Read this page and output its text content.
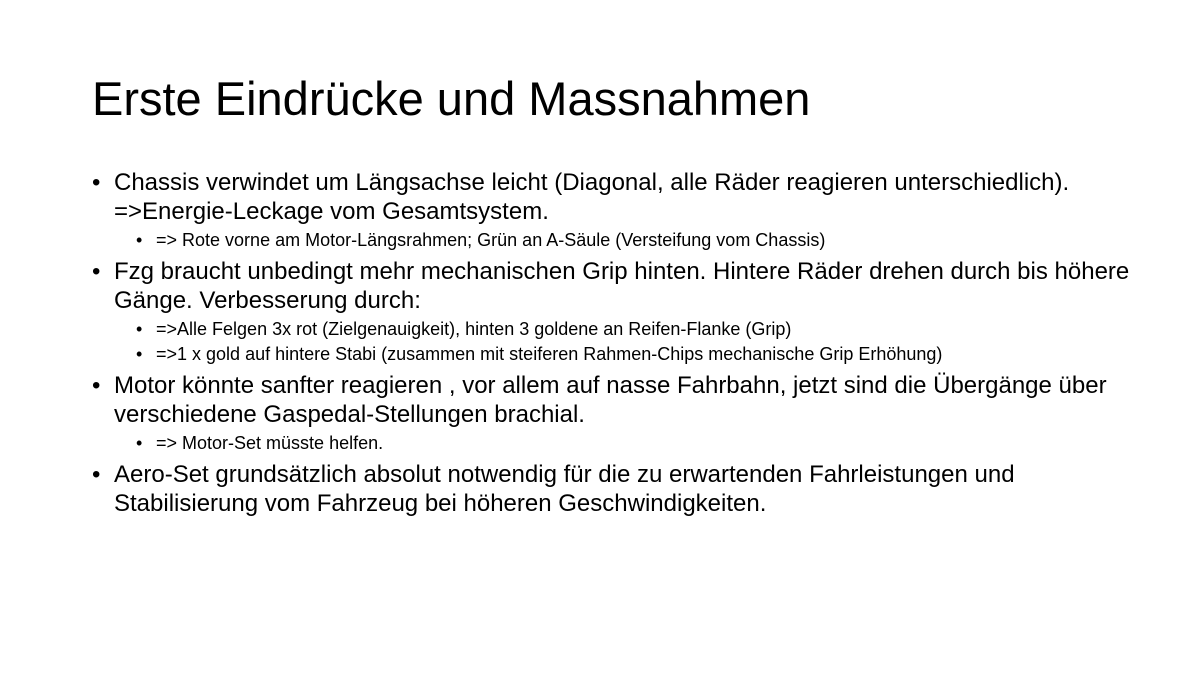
Erste Eindrücke und Massnahmen
• Chassis verwindet um Längsachse leicht (Diagonal, alle Räder reagieren unterschiedlich). =>Energie-Leckage vom Gesamtsystem.
• => Rote vorne am Motor-Längsrahmen; Grün an A-Säule (Versteifung vom Chassis)
• Fzg braucht unbedingt mehr mechanischen Grip hinten. Hintere Räder drehen durch bis höhere Gänge. Verbesserung durch:
• =>Alle Felgen 3x rot (Zielgenauigkeit), hinten 3 goldene an Reifen-Flanke (Grip)
• =>1 x gold auf hintere Stabi (zusammen mit steiferen Rahmen-Chips mechanische Grip Erhöhung)
• Motor könnte sanfter reagieren , vor allem auf nasse Fahrbahn, jetzt sind die Übergänge über verschiedene Gaspedal-Stellungen brachial.
• => Motor-Set müsste helfen.
• Aero-Set grundsätzlich absolut notwendig für die zu erwartenden Fahrleistungen und Stabilisierung vom Fahrzeug bei höheren Geschwindigkeiten.
